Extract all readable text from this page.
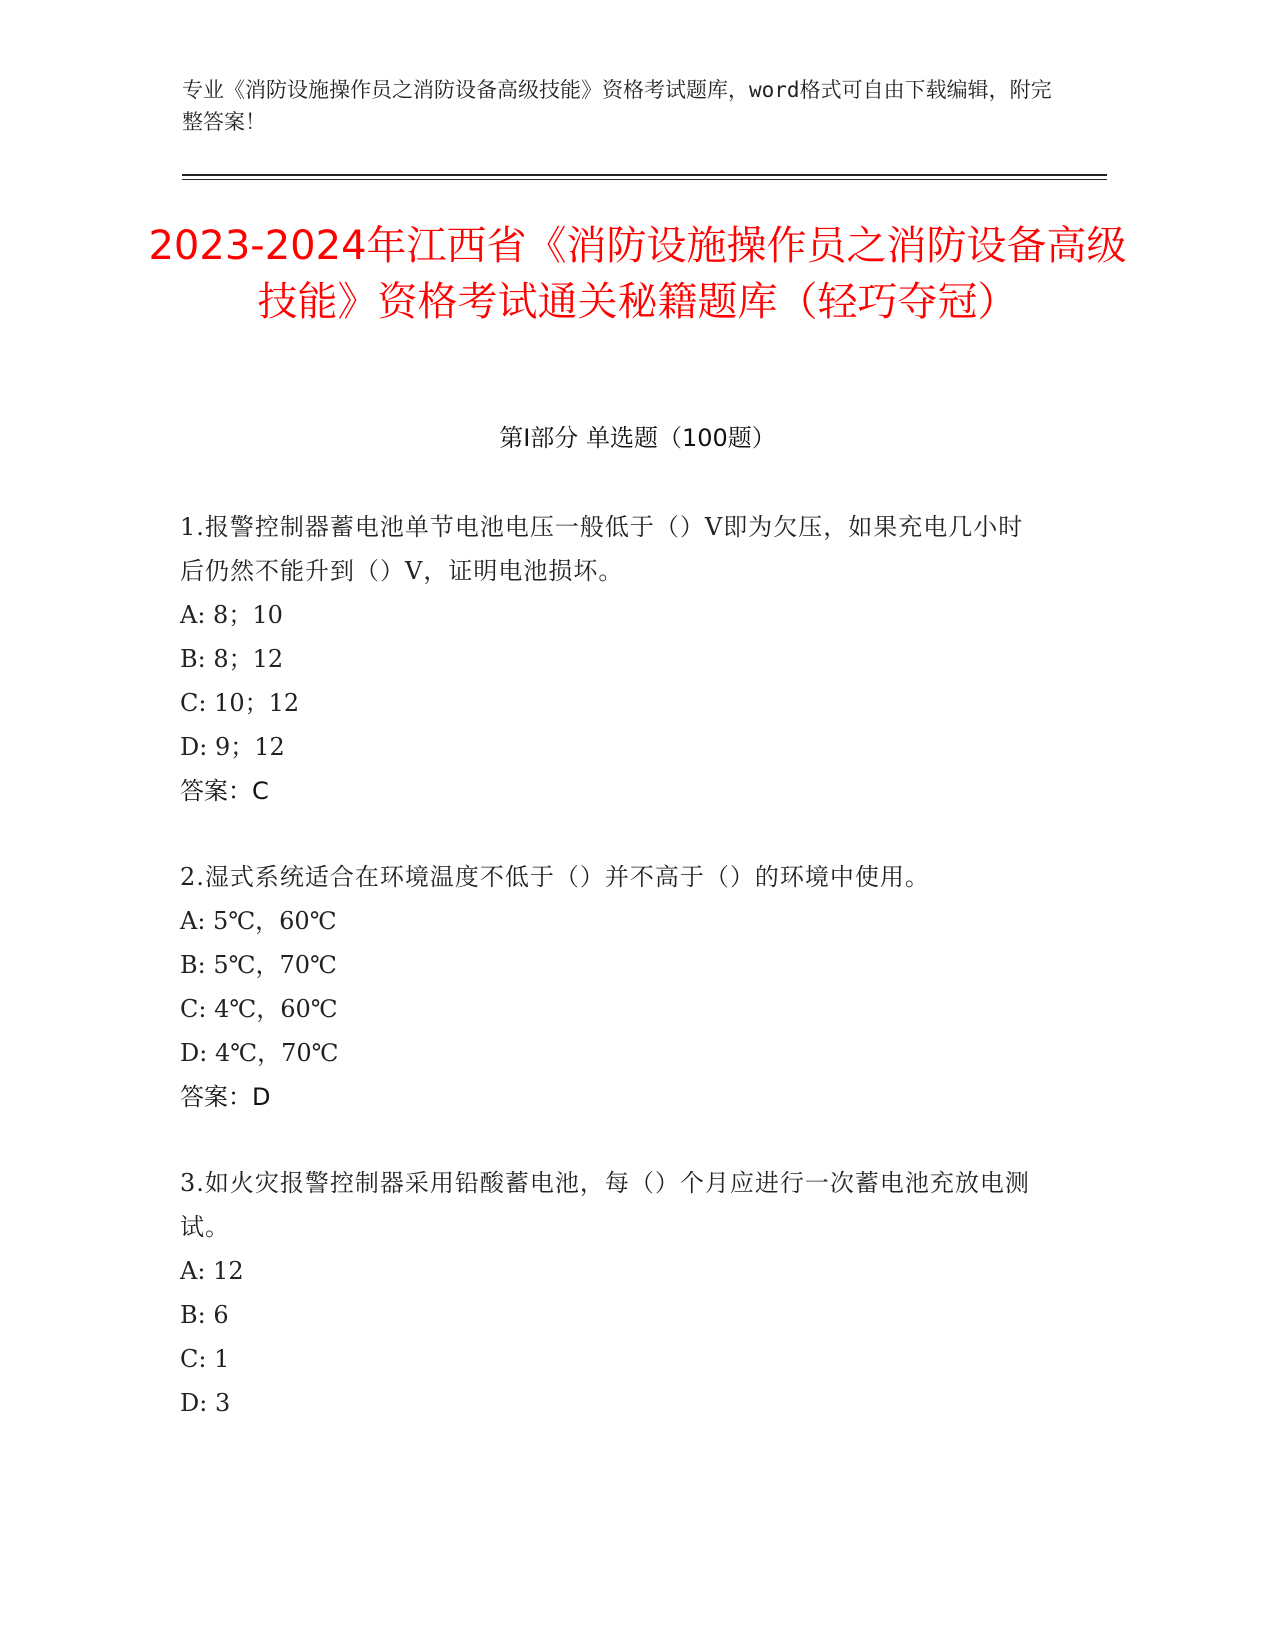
专业《消防设施操作员之消防设备高级技能》资格考试题库，word格式可自由下载编辑，附完整答案！
2023-2024年江西省《消防设施操作员之消防设备高级技能》资格考试通关秘籍题库（轻巧夺冠）
第I部分 单选题（100题）
1.报警控制器蓄电池单节电池电压一般低于（）V即为欠压，如果充电几小时后仍然不能升到（）V，证明电池损坏。
A: 8；10
B: 8；12
C: 10；12
D: 9；12
答案：C
2.湿式系统适合在环境温度不低于（）并不高于（）的环境中使用。
A: 5℃，60℃
B: 5℃，70℃
C: 4℃，60℃
D: 4℃，70℃
答案：D
3.如火灾报警控制器采用铅酸蓄电池，每（）个月应进行一次蓄电池充放电测试。
A: 12
B: 6
C: 1
D: 3
